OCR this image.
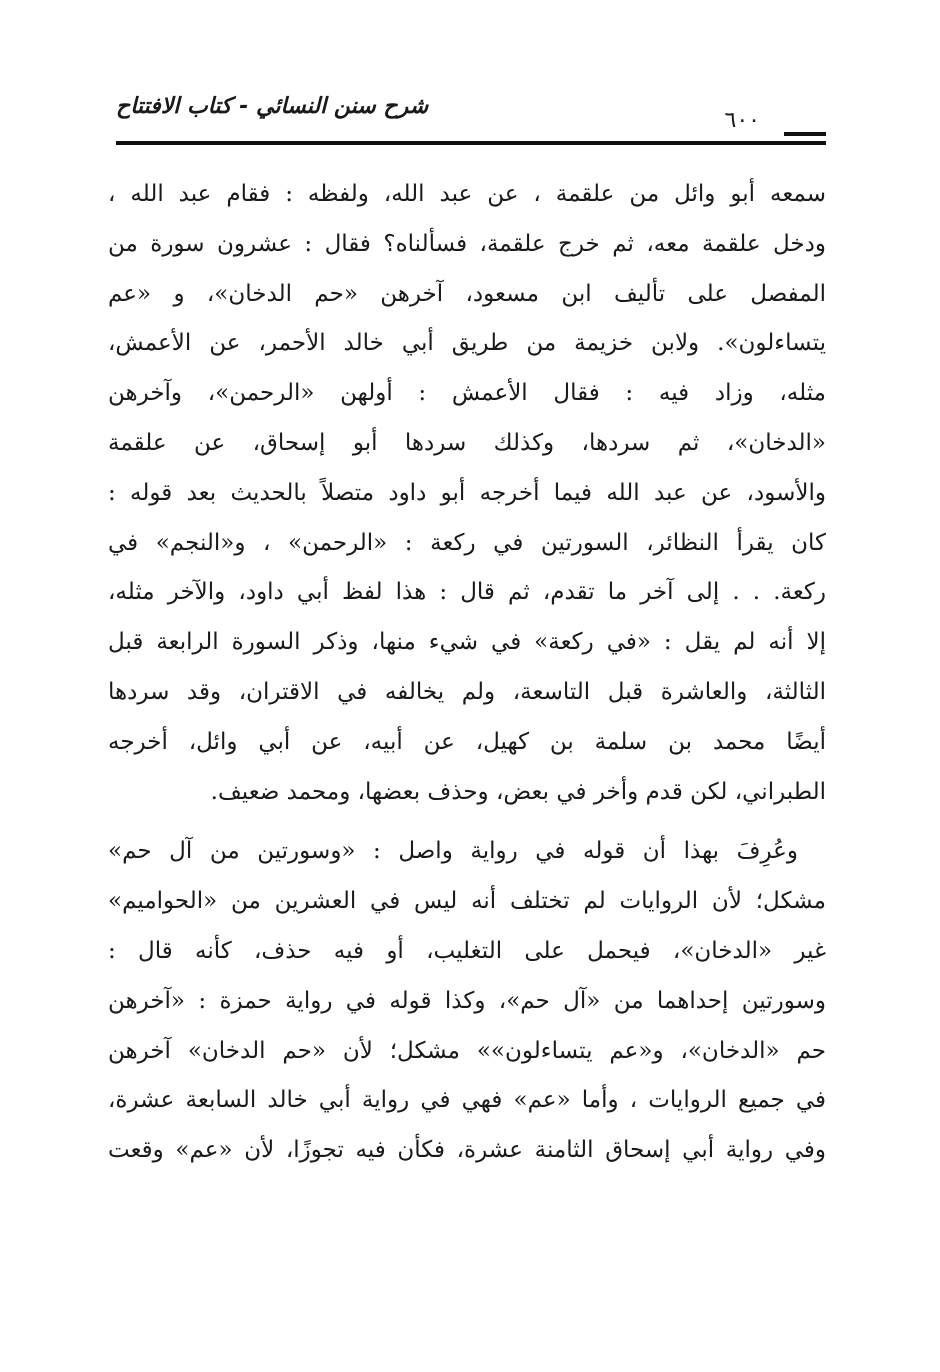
شرح سنن النسائي - كتاب الافتتاح
٦٠٠
سمعه أبو وائل من علقمة ، عن عبد الله، ولفظه : فقام عبد الله ،
ودخل علقمة معه، ثم خرج علقمة، فسألناه؟ فقال : عشرون سورة من
المفصل على تأليف ابن مسعود، آخرهن «حم الدخان»، و «عم
يتساءلون». ولابن خزيمة من طريق أبي خالد الأحمر، عن الأعمش،
مثله، وزاد فيه : فقال الأعمش : أولهن «الرحمن»، وآخرهن
«الدخان»، ثم سردها، وكذلك سردها أبو إسحاق، عن علقمة
والأسود، عن عبد الله فيما أخرجه أبو داود متصلاً بالحديث بعد قوله :
كان يقرأ النظائر، السورتين في ركعة : «الرحمن» ، و«النجم» في
ركعة. . . إلى آخر ما تقدم، ثم قال : هذا لفظ أبي داود، والآخر مثله،
إلا أنه لم يقل : «في ركعة» في شيء منها، وذكر السورة الرابعة قبل
الثالثة، والعاشرة قبل التاسعة، ولم يخالفه في الاقتران، وقد سردها
أيضًا محمد بن سلمة بن كهيل، عن أبيه، عن أبي وائل، أخرجه
الطبراني، لكن قدم وأخر في بعض، وحذف بعضها، ومحمد ضعيف.
وعُرِفَ بهذا أن قوله في رواية واصل : «وسورتين من آل حم»
مشكل؛ لأن الروايات لم تختلف أنه ليس في العشرين من «الحواميم»
غير «الدخان»، فيحمل على التغليب، أو فيه حذف، كأنه قال :
وسورتين إحداهما من «آل حم»، وكذا قوله في رواية حمزة : «آخرهن
حم «الدخان»، و«عم يتساءلون»» مشكل؛ لأن «حم الدخان» آخرهن
في جميع الروايات ، وأما «عم» فهي في رواية أبي خالد السابعة عشرة،
وفي رواية أبي إسحاق الثامنة عشرة، فكأن فيه تجوزًا، لأن «عم» وقعت
